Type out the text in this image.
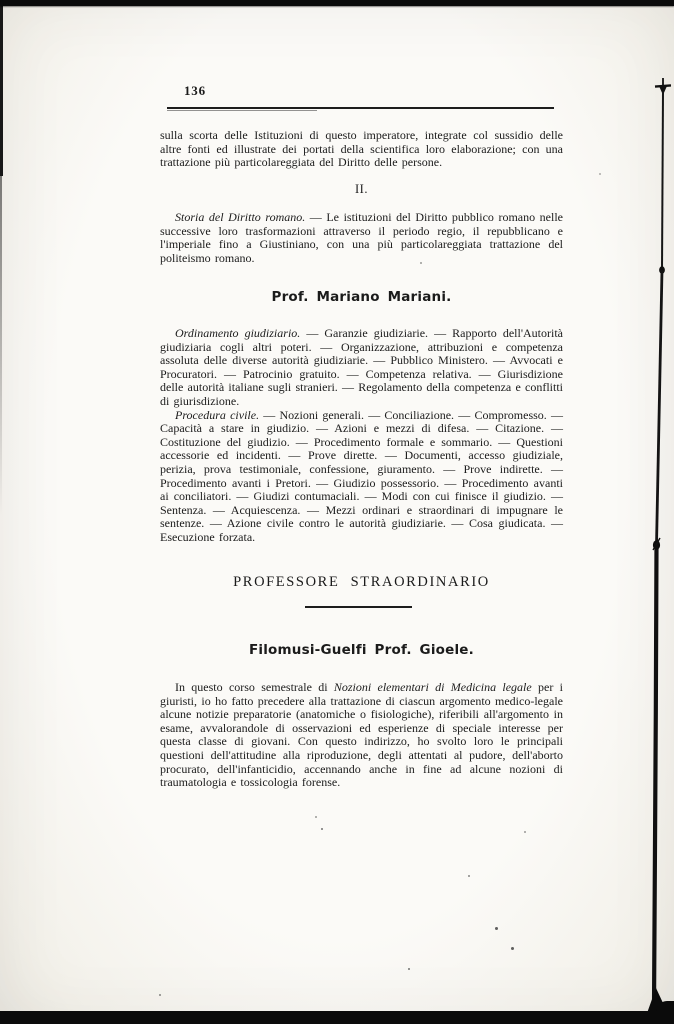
136

sulla scorta delle Istituzioni di questo imperatore, integrate col sussidio delle altre fonti ed illustrate dei portati della scientifica loro elaborazione; con una trattazione più particolareggiata del Diritto delle persone.

II.

Storia del Diritto romano. — Le istituzioni del Diritto pubblico romano nelle successive loro trasformazioni attraverso il periodo regio, il repubblicano e l'imperiale fino a Giustiniano, con una più particolareggiata trattazione del politeismo romano.

Prof. Mariano Mariani.

Ordinamento giudiziario. — Garanzie giudiziarie. — Rapporto dell'Autorità giudiziaria cogli altri poteri. — Organizzazione, attribuzioni e competenza assoluta delle diverse autorità giudiziarie. — Pubblico Ministero. — Avvocati e Procuratori. — Patrocinio gratuito. — Competenza relativa. — Giurisdizione delle autorità italiane sugli stranieri. — Regolamento della competenza e conflitti di giurisdizione.

Procedura civile. — Nozioni generali. — Conciliazione. — Compromesso. — Capacità a stare in giudizio. — Azioni e mezzi di difesa. — Citazione. — Costituzione del giudizio. — Procedimento formale e sommario. — Questioni accessorie ed incidenti. — Prove dirette. — Documenti, accesso giudiziale, perizia, prova testimoniale, confessione, giuramento. — Prove indirette. — Procedimento avanti i Pretori. — Giudizio possessorio. — Procedimento avanti ai conciliatori. — Giudizi contumaciali. — Modi con cui finisce il giudizio. — Sentenza. — Acquiescenza. — Mezzi ordinari e straordinari di impugnare le sentenze. — Azione civile contro le autorità giudiziarie. — Cosa giudicata. — Esecuzione forzata.

PROFESSORE STRAORDINARIO
Filomusi-Guelfi Prof. Gioele.

In questo corso semestrale di Nozioni elementari di Medicina legale per i giuristi, io ho fatto precedere alla trattazione di ciascun argomento medico-legale alcune notizie preparatorie (anatomiche o fisiologiche), riferibili all'argomento in esame, avvalorandole di osservazioni ed esperienze di speciale interesse per questa classe di giovani. Con questo indirizzo, ho svolto loro le principali questioni dell'attitudine alla riproduzione, degli attentati al pudore, dell'aborto procurato, dell'infanticidio, accennando anche in fine ad alcune nozioni di traumatologia e tossicologia forense.
